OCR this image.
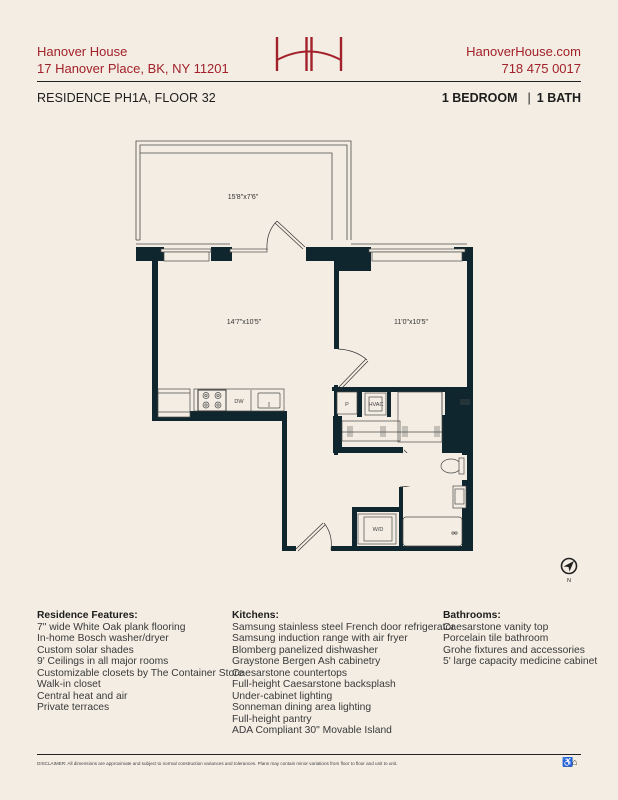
Hanover House
17 Hanover Place, BK, NY 11201
HanoverHouse.com
718 475 0017
RESIDENCE PH1A, FLOOR 32	1 BEDROOM | 1 BATH
15'8"x7'6"
DW	P	HVAC
W/D
14'7"x10'5"	11'0"x10'5"
N
Residence Features:
7" wide White Oak plank flooring
In-home Bosch washer/dryer
Custom solar shades
9' Ceilings in all major rooms
Customizable closets by The Container Store
Walk-in closet
Central heat and air
Private terraces
Kitchens:
Samsung stainless steel French door refrigerator
Samsung induction range with air fryer
Blomberg panelized dishwasher
Graystone Bergen Ash cabinetry
Caesarstone countertops
Full-height Caesarstone backsplash
Under-cabinet lighting
Sonneman dining area lighting
Full-height pantry
ADA Compliant 30" Movable Island
Bathrooms:
Caesarstone vanity top
Porcelain tile bathroom
Grohe fixtures and accessories
5' large capacity medicine cabinet
DISCLAIMER: All dimensions are approximate and subject to normal construction variances and tolerances. Plans may contain minor variations from floor to floor and unit to unit.	♿
⌂
